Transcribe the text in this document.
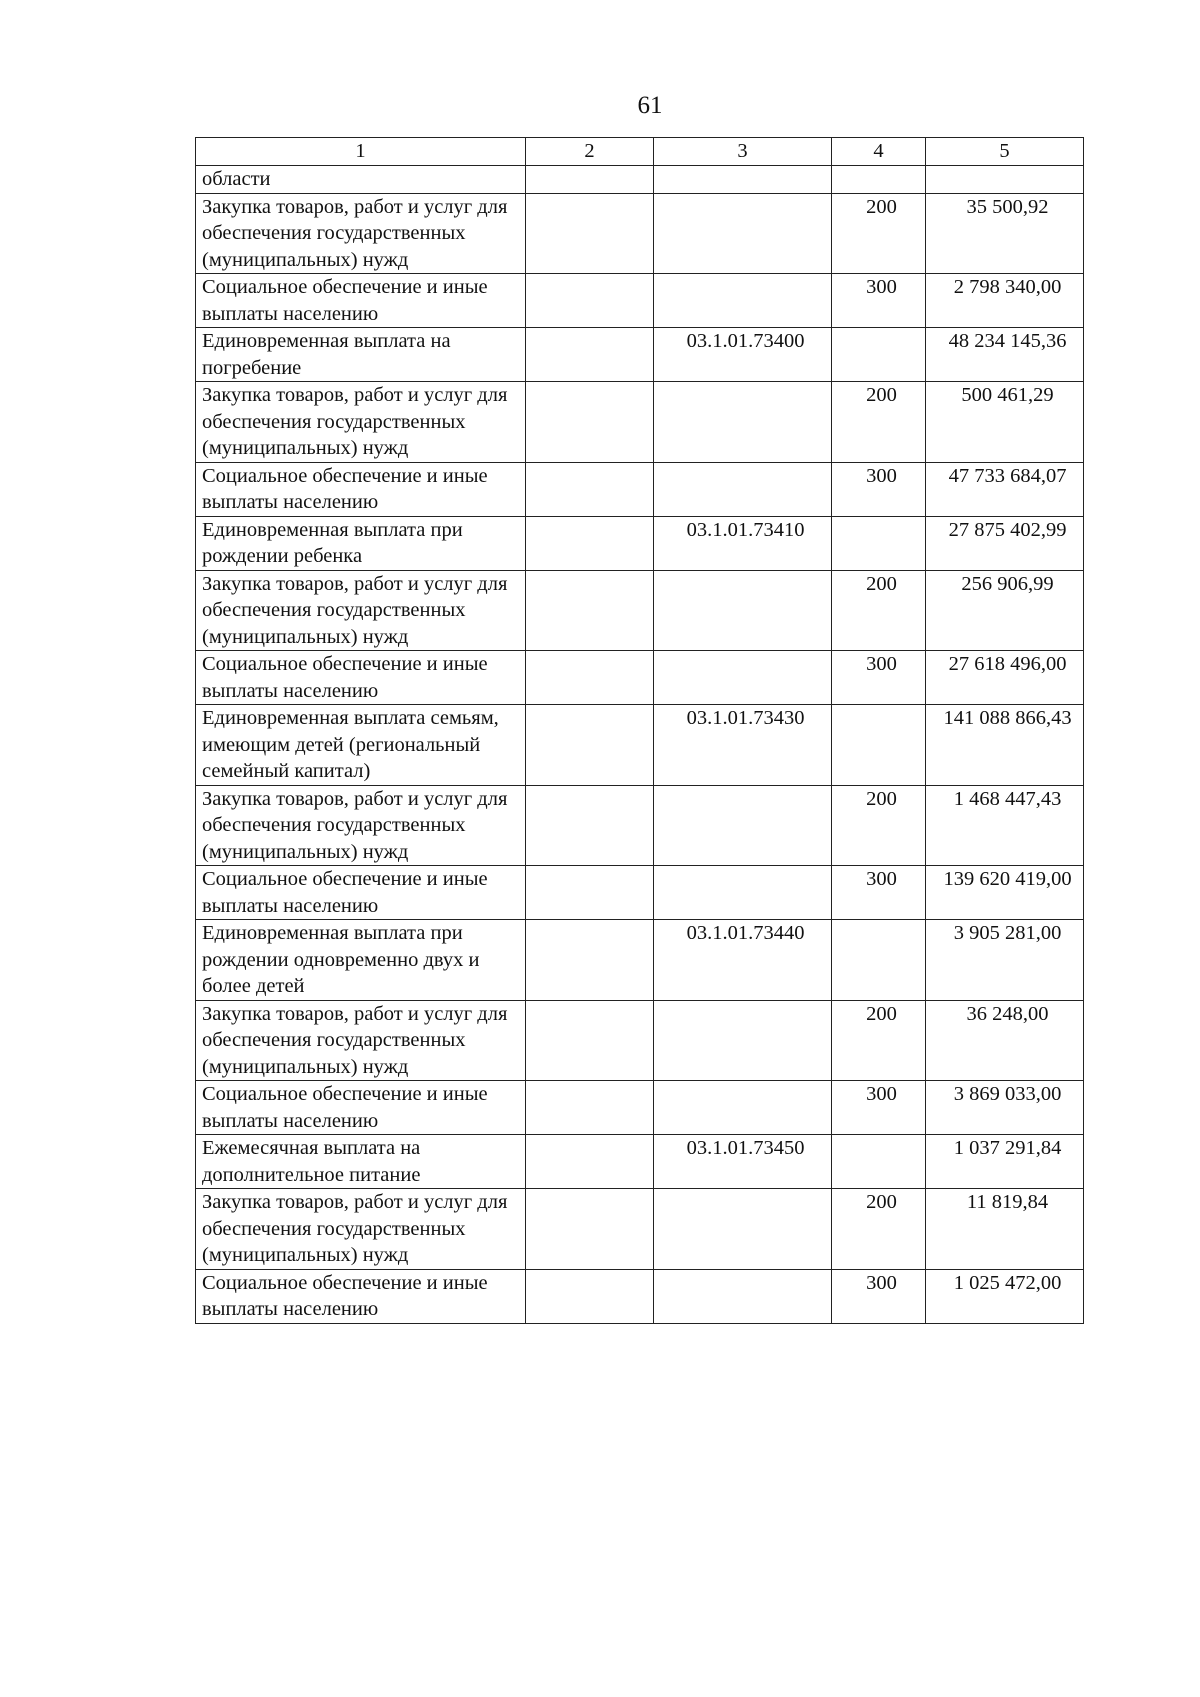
61
1	2	3	4	5
области				
Закупка товаров, работ и услуг для обеспечения государственных (муниципальных) нужд			200	35 500,92
Социальное обеспечение и иные выплаты населению			300	2 798 340,00
Единовременная выплата на погребение		03.1.01.73400		48 234 145,36
Закупка товаров, работ и услуг для обеспечения государственных (муниципальных) нужд			200	500 461,29
Социальное обеспечение и иные выплаты населению			300	47 733 684,07
Единовременная выплата при рождении ребенка		03.1.01.73410		27 875 402,99
Закупка товаров, работ и услуг для обеспечения государственных (муниципальных) нужд			200	256 906,99
Социальное обеспечение и иные выплаты населению			300	27 618 496,00
Единовременная выплата семьям, имеющим детей (региональный семейный капитал)		03.1.01.73430		141 088 866,43
Закупка товаров, работ и услуг для обеспечения государственных (муниципальных) нужд			200	1 468 447,43
Социальное обеспечение и иные выплаты населению			300	139 620 419,00
Единовременная выплата при рождении одновременно двух и более детей		03.1.01.73440		3 905 281,00
Закупка товаров, работ и услуг для обеспечения государственных (муниципальных) нужд			200	36 248,00
Социальное обеспечение и иные выплаты населению			300	3 869 033,00
Ежемесячная выплата на дополнительное питание		03.1.01.73450		1 037 291,84
Закупка товаров, работ и услуг для обеспечения государственных (муниципальных) нужд			200	11 819,84
Социальное обеспечение и иные выплаты населению			300	1 025 472,00
